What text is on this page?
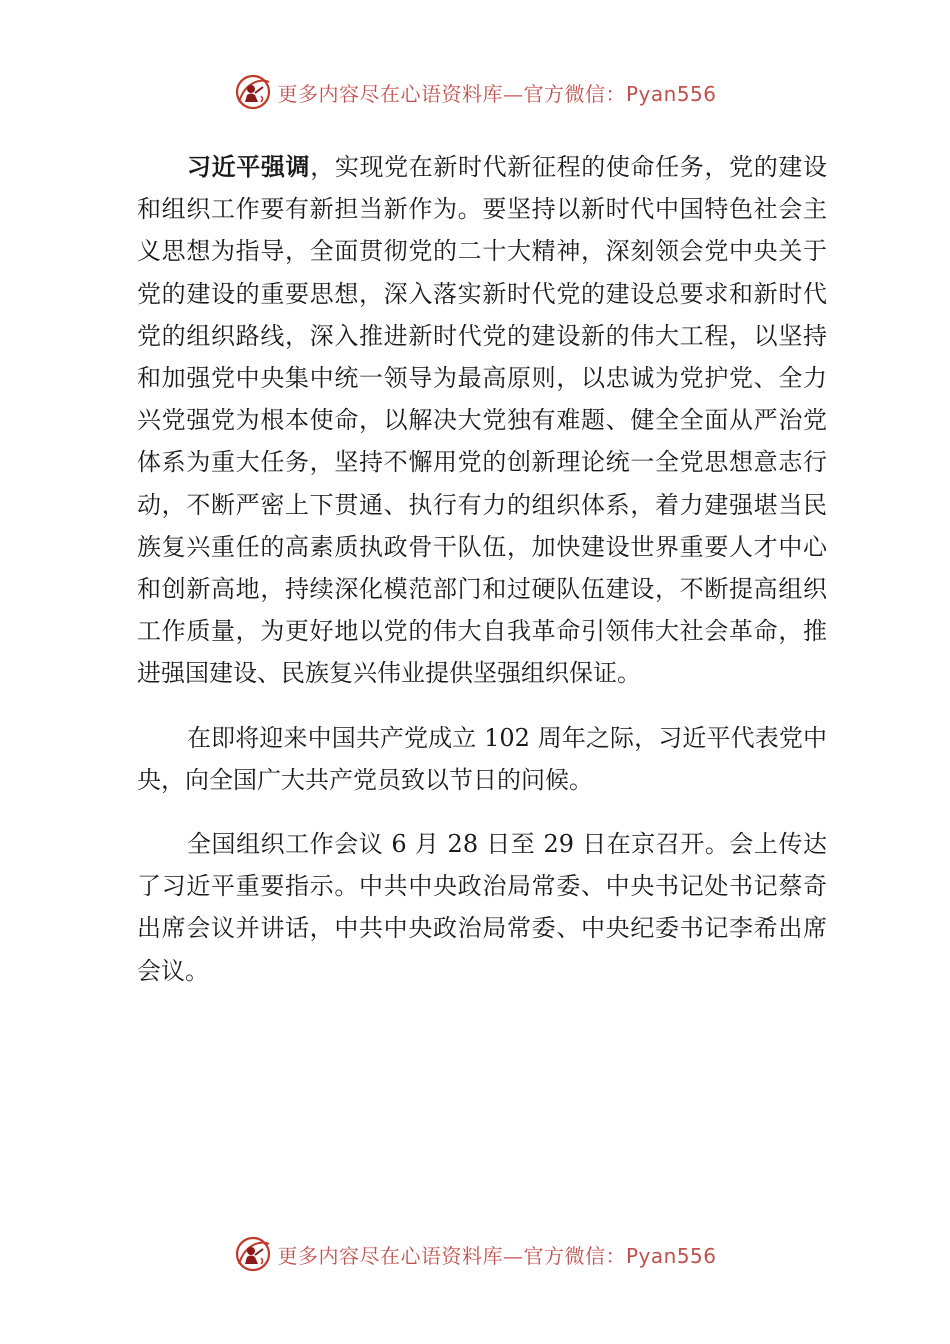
更多内容尽在心语资料库—官方微信：Pyan556

习近平强调，实现党在新时代新征程的使命任务，党的建设和组织工作要有新担当新作为。要坚持以新时代中国特色社会主义思想为指导，全面贯彻党的二十大精神，深刻领会党中央关于党的建设的重要思想，深入落实新时代党的建设总要求和新时代党的组织路线，深入推进新时代党的建设新的伟大工程，以坚持和加强党中央集中统一领导为最高原则，以忠诚为党护党、全力兴党强党为根本使命，以解决大党独有难题、健全全面从严治党体系为重大任务，坚持不懈用党的创新理论统一全党思想意志行动，不断严密上下贯通、执行有力的组织体系，着力建强堪当民族复兴重任的高素质执政骨干队伍，加快建设世界重要人才中心和创新高地，持续深化模范部门和过硬队伍建设，不断提高组织工作质量，为更好地以党的伟大自我革命引领伟大社会革命，推进强国建设、民族复兴伟业提供坚强组织保证。

在即将迎来中国共产党成立 102 周年之际，习近平代表党中央，向全国广大共产党员致以节日的问候。

全国组织工作会议 6 月 28 日至 29 日在京召开。会上传达了习近平重要指示。中共中央政治局常委、中央书记处书记蔡奇出席会议并讲话，中共中央政治局常委、中央纪委书记李希出席会议。

更多内容尽在心语资料库—官方微信：Pyan556
